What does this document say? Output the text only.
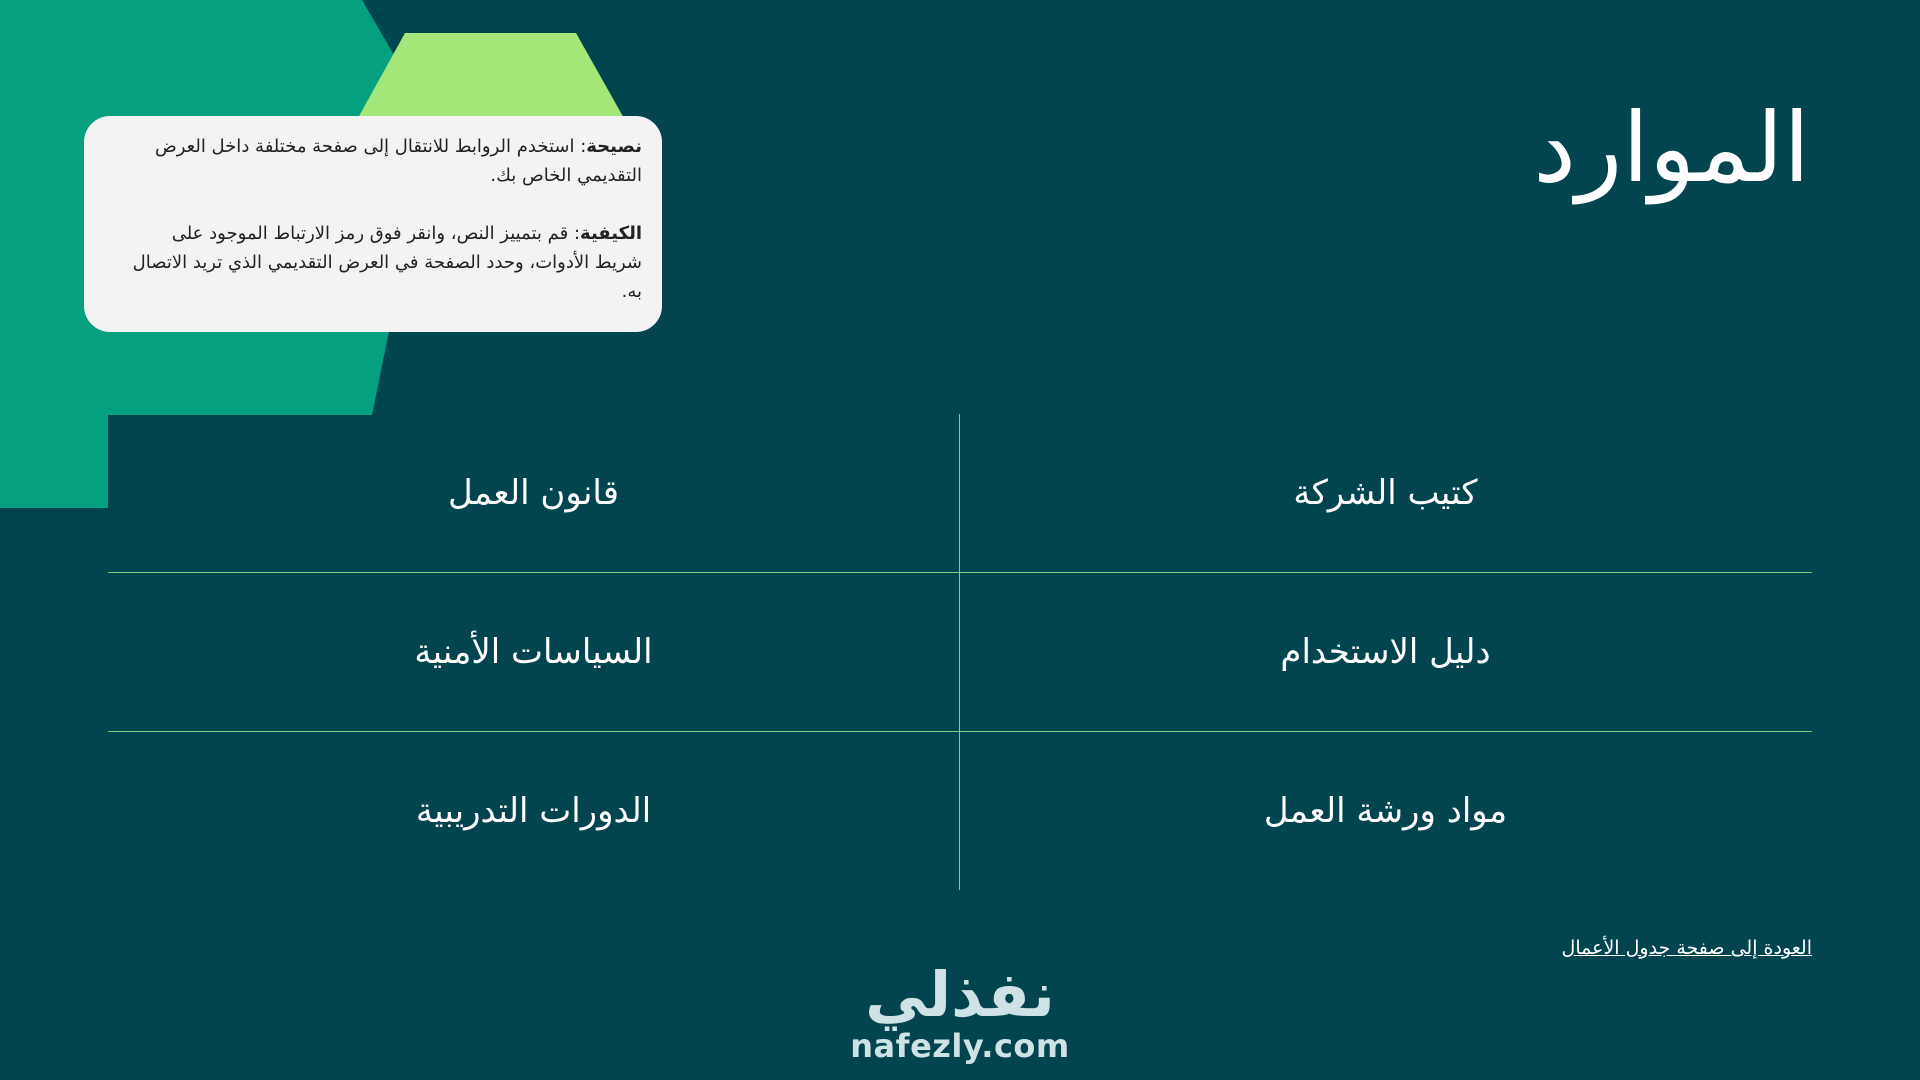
الموارد

نصيحة: استخدم الروابط للانتقال إلى صفحة مختلفة داخل العرض التقديمي الخاص بك.

الكيفية: قم بتمييز النص، وانقر فوق رمز الارتباط الموجود على شريط الأدوات، وحدد الصفحة في العرض التقديمي الذي تريد الاتصال به.

كتيب الشركة
قانون العمل
دليل الاستخدام
السياسات الأمنية
مواد ورشة العمل
الدورات التدريبية
العودة إلى صفحة جدول الأعمال
نفذلي
nafezly.com
